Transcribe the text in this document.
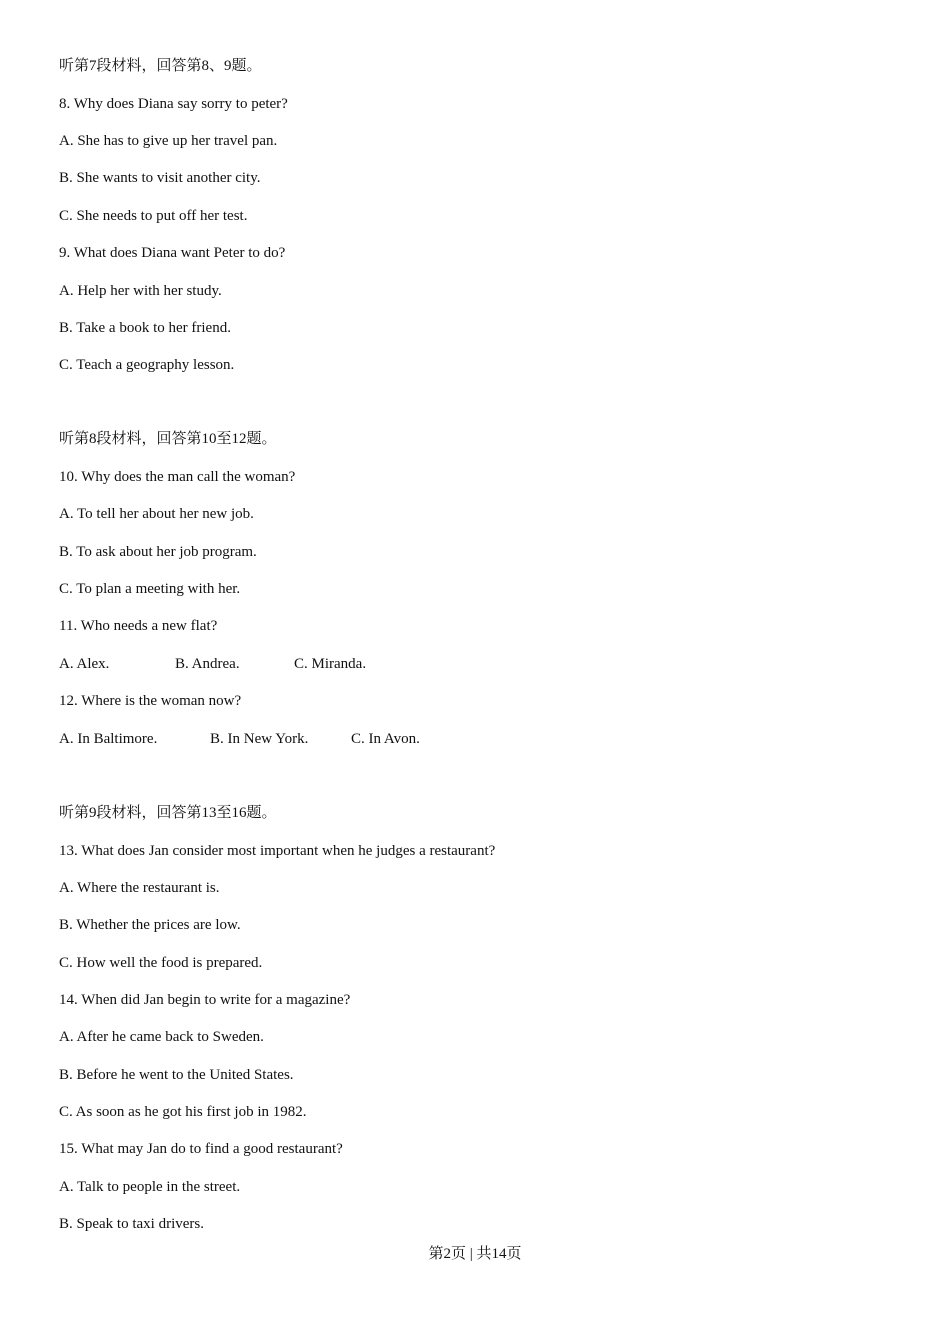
听第7段材料，回答第8、9题。
8. Why does Diana say sorry to peter?
A. She has to give up her travel pan.
B. She wants to visit another city.
C. She needs to put off her test.
9. What does Diana want Peter to do?
A. Help her with her study.
B. Take a book to her friend.
C. Teach a geography lesson.
听第8段材料，回答第10至12题。
10. Why does the man call the woman?
A. To tell her about her new job.
B. To ask about her job program.
C. To plan a meeting with her.
11. Who needs a new flat?
A. Alex.	B. Andrea.	C. Miranda.
12. Where is the woman now?
A. In Baltimore.	B. In New York.	C. In Avon.
听第9段材料，回答第13至16题。
13. What does Jan consider most important when he judges a restaurant?
A. Where the restaurant is.
B. Whether the prices are low.
C. How well the food is prepared.
14. When did Jan begin to write for a magazine?
A. After he came back to Sweden.
B. Before he went to the United States.
C. As soon as he got his first job in 1982.
15. What may Jan do to find a good restaurant?
A. Talk to people in the street.
B. Speak to taxi drivers.
第2页 | 共14页
